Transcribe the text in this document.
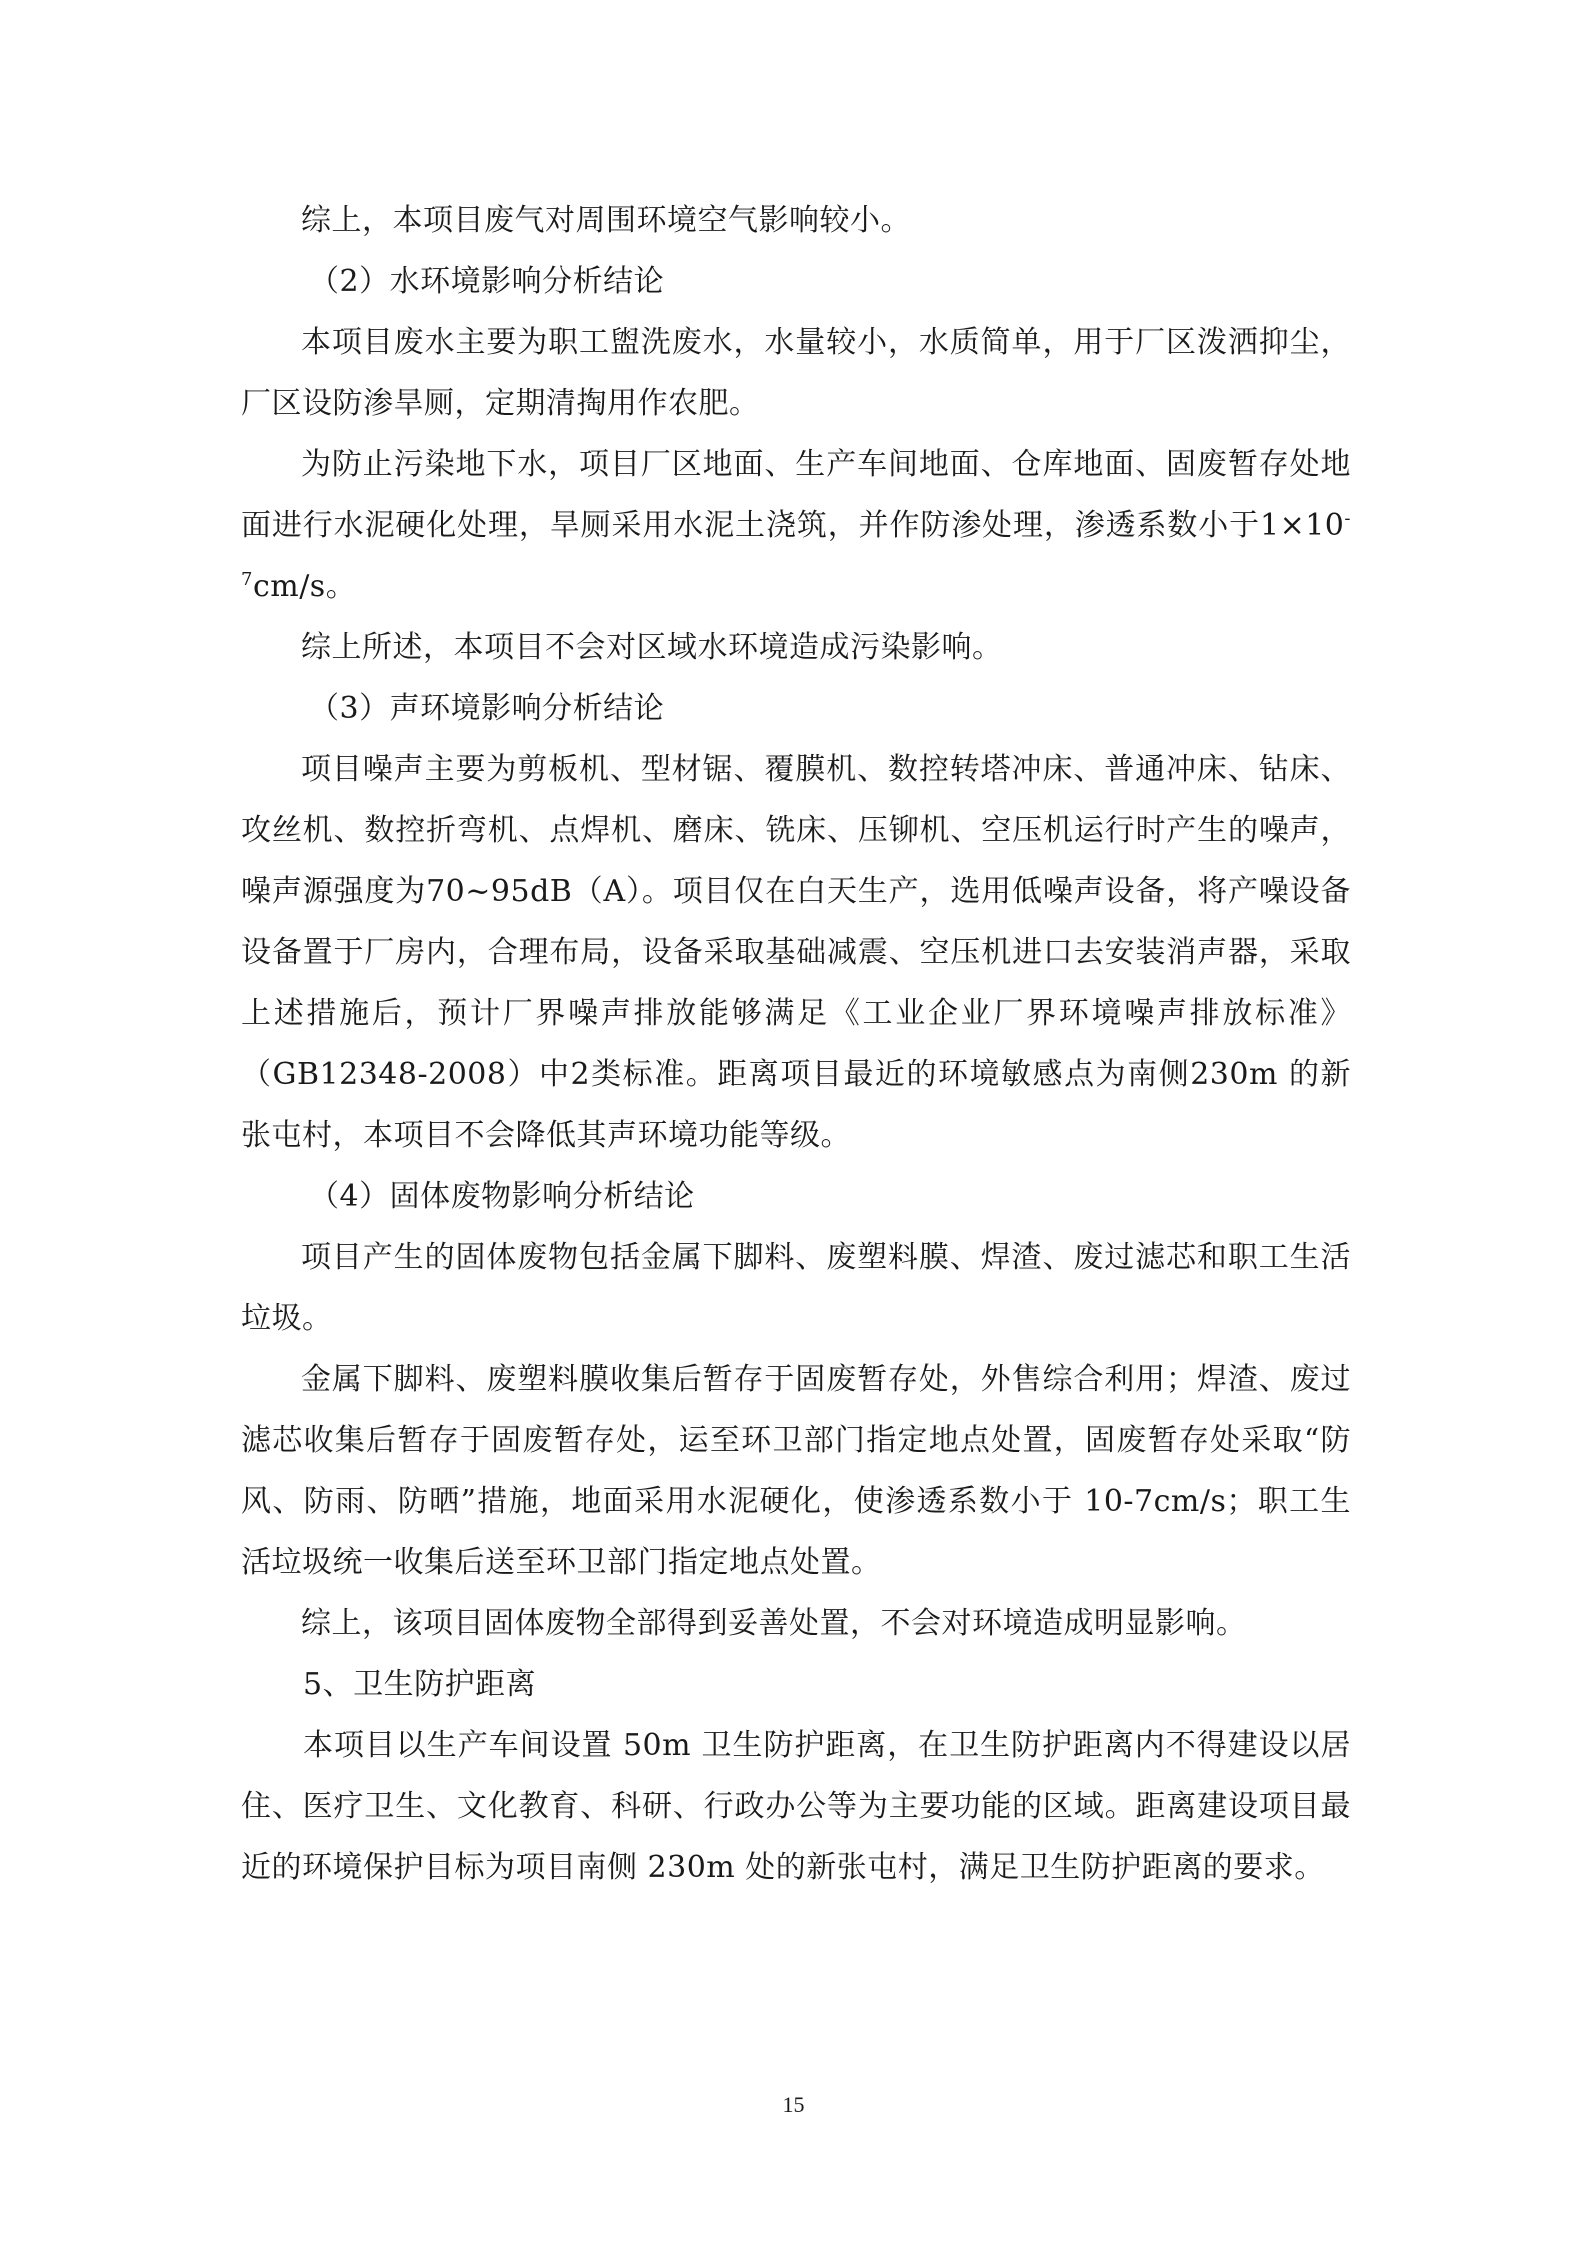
综上，本项目废气对周围环境空气影响较小。

（2）水环境影响分析结论

本项目废水主要为职工盥洗废水，水量较小，水质简单，用于厂区泼洒抑尘，厂区设防渗旱厕，定期清掏用作农肥。

为防止污染地下水，项目厂区地面、生产车间地面、仓库地面、固废暂存处地面进行水泥硬化处理，旱厕采用水泥土浇筑，并作防渗处理，渗透系数小于$1\times 10^{-7}cm/s$。

综上所述，本项目不会对区域水环境造成污染影响。

（3）声环境影响分析结论

项目噪声主要为剪板机、型材锯、覆膜机、数控转塔冲床、普通冲床、钻床、攻丝机、数控折弯机、点焊机、磨床、铣床、压铆机、空压机运行时产生的噪声，噪声源强度为70~95dB（A）。项目仅在白天生产，选用低噪声设备，将产噪设备设备置于厂房内，合理布局，设备采取基础减震、空压机进口去安装消声器，采取上述措施后，预计厂界噪声排放能够满足《工业企业厂界环境噪声排放标准》（GB12348-2008）中2类标准。距离项目最近的环境敏感点为南侧230m 的新张屯村，本项目不会降低其声环境功能等级。

（4）固体废物影响分析结论

项目产生的固体废物包括金属下脚料、废塑料膜、焊渣、废过滤芯和职工生活垃圾。

金属下脚料、废塑料膜收集后暂存于固废暂存处，外售综合利用；焊渣、废过滤芯收集后暂存于固废暂存处，运至环卫部门指定地点处置，固废暂存处采取“防风、防雨、防晒”措施，地面采用水泥硬化，使渗透系数小于 10-7cm/s；职工生活垃圾统一收集后送至环卫部门指定地点处置。

综上，该项目固体废物全部得到妥善处置，不会对环境造成明显影响。

5、卫生防护距离

本项目以生产车间设置 50m 卫生防护距离，在卫生防护距离内不得建设以居住、医疗卫生、文化教育、科研、行政办公等为主要功能的区域。距离建设项目最近的环境保护目标为项目南侧 230m 处的新张屯村，满足卫生防护距离的要求。

15
